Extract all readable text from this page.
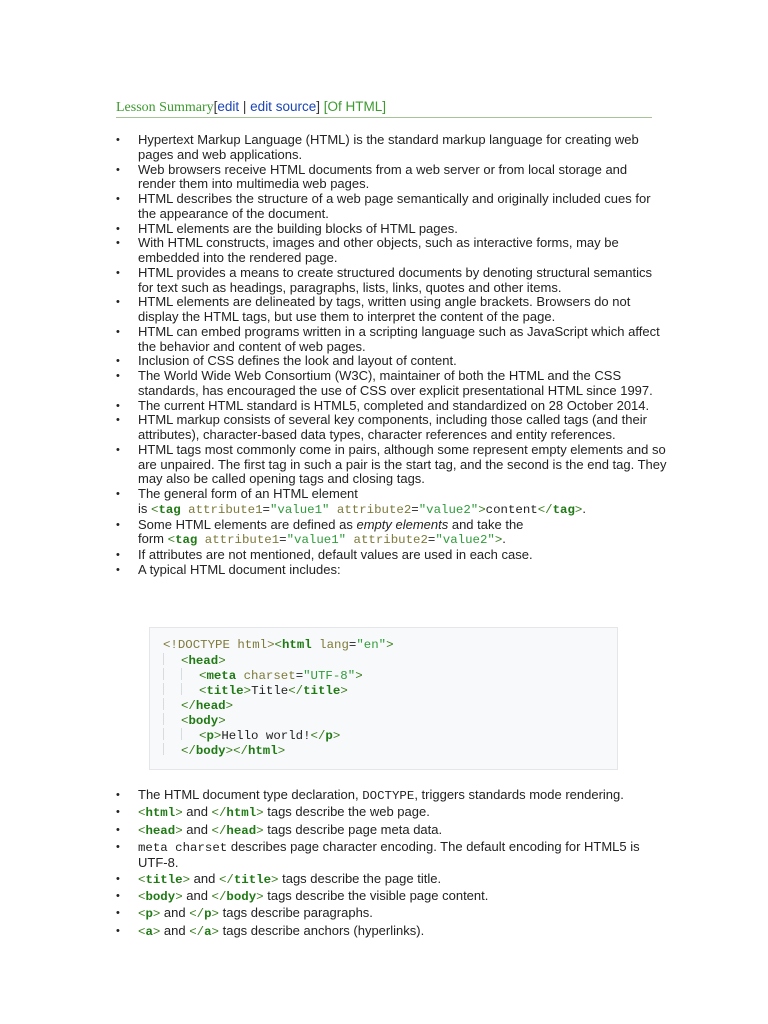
Lesson Summary[edit | edit source] [Of HTML]
• Hypertext Markup Language (HTML) is the standard markup language for creating web pages and web applications.
• Web browsers receive HTML documents from a web server or from local storage and render them into multimedia web pages.
• HTML describes the structure of a web page semantically and originally included cues for the appearance of the document.
• HTML elements are the building blocks of HTML pages.
• With HTML constructs, images and other objects, such as interactive forms, may be embedded into the rendered page.
• HTML provides a means to create structured documents by denoting structural semantics for text such as headings, paragraphs, lists, links, quotes and other items.
• HTML elements are delineated by tags, written using angle brackets. Browsers do not display the HTML tags, but use them to interpret the content of the page.
• HTML can embed programs written in a scripting language such as JavaScript which affect the behavior and content of web pages.
• Inclusion of CSS defines the look and layout of content.
• The World Wide Web Consortium (W3C), maintainer of both the HTML and the CSS standards, has encouraged the use of CSS over explicit presentational HTML since 1997.
• The current HTML standard is HTML5, completed and standardized on 28 October 2014.
• HTML markup consists of several key components, including those called tags (and their attributes), character-based data types, character references and entity references.
• HTML tags most commonly come in pairs, although some represent empty elements and so are unpaired. The first tag in such a pair is the start tag, and the second is the end tag. They may also be called opening tags and closing tags.
• The general form of an HTML element
is <tag attribute1="value1" attribute2="value2">content</tag>.
• Some HTML elements are defined as empty elements and take the
form <tag attribute1="value1" attribute2="value2">.
• If attributes are not mentioned, default values are used in each case.
• A typical HTML document includes:
<!DOCTYPE html><html lang="en">
<head>
<meta charset="UTF-8">
<title>Title</title>
</head>
<body>
<p>Hello world!</p>
</body></html>
• The HTML document type declaration, DOCTYPE, triggers standards mode rendering.
• <html> and </html> tags describe the web page.
• <head> and </head> tags describe page meta data.
• meta charset describes page character encoding. The default encoding for HTML5 is UTF-8.
• <title> and </title> tags describe the page title.
• <body> and </body> tags describe the visible page content.
• <p> and </p> tags describe paragraphs.
• <a> and </a> tags describe anchors (hyperlinks).
